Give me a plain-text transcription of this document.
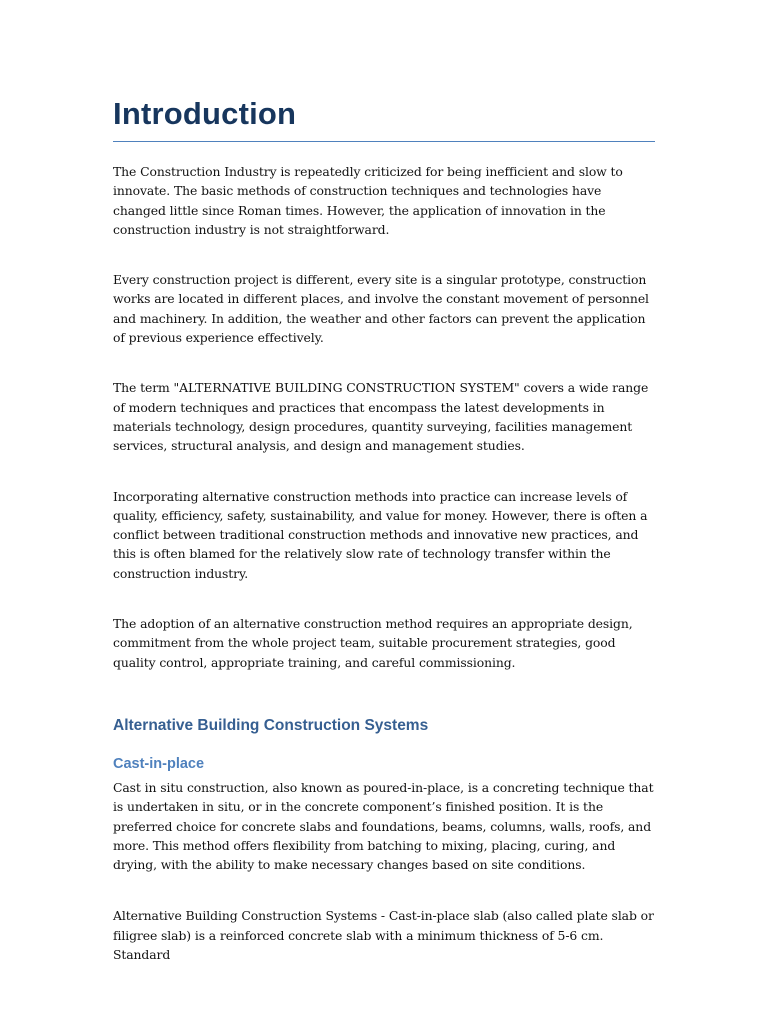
Introduction

The Construction Industry is repeatedly criticized for being inefficient and slow to innovate. The basic methods of construction techniques and technologies have changed little since Roman times. However, the application of innovation in the construction industry is not straightforward.

Every construction project is different, every site is a singular prototype, construction works are located in different places, and involve the constant movement of personnel and machinery. In addition, the weather and other factors can prevent the application of previous experience effectively.

The term "ALTERNATIVE BUILDING CONSTRUCTION SYSTEM" covers a wide range of modern techniques and practices that encompass the latest developments in materials technology, design procedures, quantity surveying, facilities management services, structural analysis, and design and management studies.

Incorporating alternative construction methods into practice can increase levels of quality, efficiency, safety, sustainability, and value for money. However, there is often a conflict between traditional construction methods and innovative new practices, and this is often blamed for the relatively slow rate of technology transfer within the construction industry.

The adoption of an alternative construction method requires an appropriate design, commitment from the whole project team, suitable procurement strategies, good quality control, appropriate training, and careful commissioning.

Alternative Building Construction Systems
Cast-in-place

Cast in situ construction, also known as poured-in-place, is a concreting technique that is undertaken in situ, or in the concrete component’s finished position. It is the preferred choice for concrete slabs and foundations, beams, columns, walls, roofs, and more. This method offers flexibility from batching to mixing, placing, curing, and drying, with the ability to make necessary changes based on site conditions.

Alternative Building Construction Systems - Cast-in-place slab (also called plate slab or filigree slab) is a reinforced concrete slab with a minimum thickness of 5-6 cm. Standard
